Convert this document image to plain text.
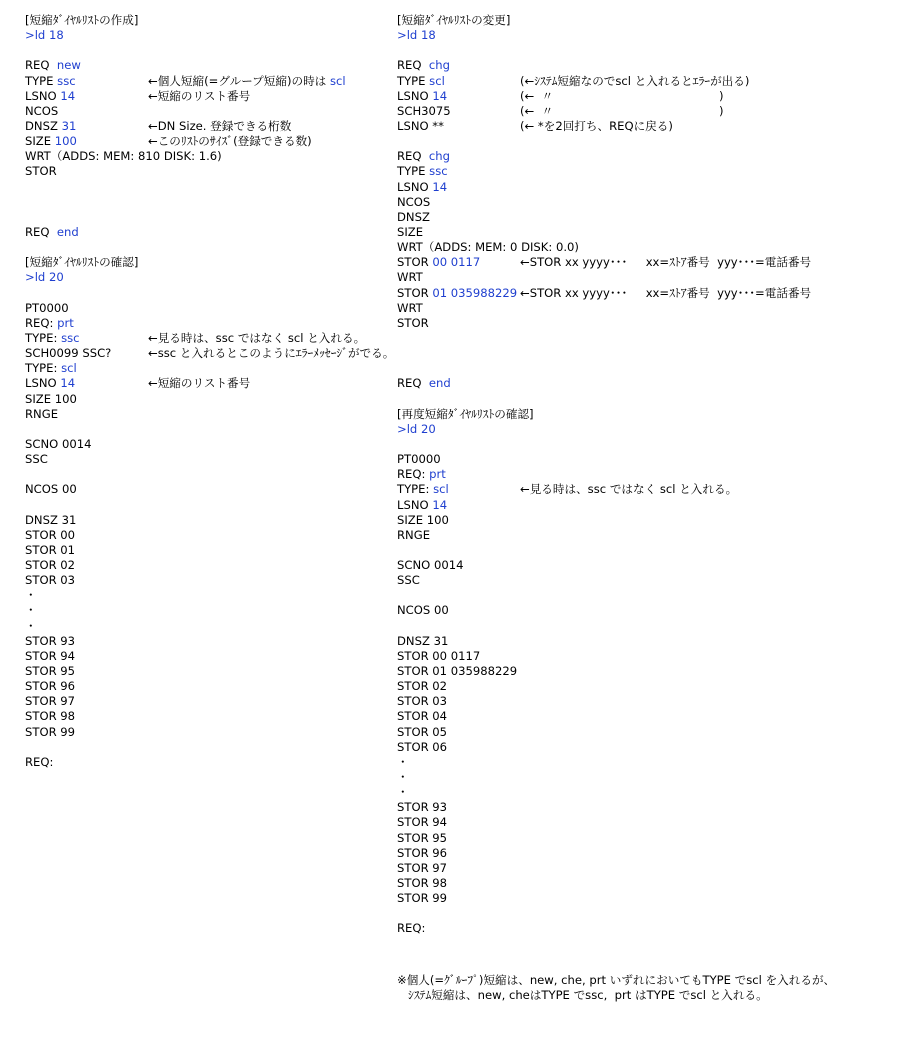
[短縮ﾀﾞｲﾔﾙﾘｽﾄの作成]
>ld 18
REQ  new
TYPE ssc	←個人短縮(=グループ短縮)の時は scl
LSNO 14	←短縮のリスト番号
NCOS
DNSZ 31	←DN Size. 登録できる桁数
SIZE 100	←このﾘｽﾄのｻｲｽﾞ(登録できる数)
WRT（ADDS: MEM: 810 DISK: 1.6)
STOR
REQ  end
[短縮ﾀﾞｲﾔﾙﾘｽﾄの確認]
>ld 20
PT0000
REQ: prt
TYPE: ssc	←見る時は、ssc ではなく scl と入れる。
SCH0099 SSC?	←ssc と入れるとこのようにｴﾗｰﾒｯｾｰｼﾞがでる。
TYPE: scl
LSNO 14	←短縮のリスト番号
SIZE 100
RNGE
SCNO 0014
SSC
NCOS 00
DNSZ 31
STOR 00
STOR 01
STOR 02
STOR 03
・
・
・
STOR 93
STOR 94
STOR 95
STOR 96
STOR 97
STOR 98
STOR 99
REQ:
[短縮ﾀﾞｲﾔﾙﾘｽﾄの変更]
>ld 18
REQ  chg
TYPE scl	(←ｼｽﾃﾑ短縮なのでscl と入れるとｴﾗｰが出る)
LSNO 14	(←  〃                                             )
SCH3075	(←  〃                                             )
LSNO **	(← *を2回打ち、REQに戻る)
REQ  chg
TYPE ssc
LSNO 14
NCOS
DNSZ
SIZE
WRT（ADDS: MEM: 0 DISK: 0.0)
STOR 00 0117	←STOR xx yyyy･･･     xx=ｽﾄｱ番号  yyy･･･=電話番号
WRT
STOR 01 035988229 ←STOR xx yyyy･･･     xx=ｽﾄｱ番号  yyy･･･=電話番号
WRT
STOR
REQ  end
[再度短縮ﾀﾞｲﾔﾙﾘｽﾄの確認]
>ld 20
PT0000
REQ: prt
TYPE: scl	←見る時は、ssc ではなく scl と入れる。
LSNO 14
SIZE 100
RNGE
SCNO 0014
SSC
NCOS 00
DNSZ 31
STOR 00 0117
STOR 01 035988229
STOR 02
STOR 03
STOR 04
STOR 05
STOR 06
・
・
・
STOR 93
STOR 94
STOR 95
STOR 96
STOR 97
STOR 98
STOR 99
REQ:
※個人(=ｸﾞﾙｰﾌﾟ)短縮は、new, che, prt いずれにおいてもTYPE でscl を入れるが、
ｼｽﾃﾑ短縮は、new, cheはTYPE でssc,  prt はTYPE でscl と入れる。
